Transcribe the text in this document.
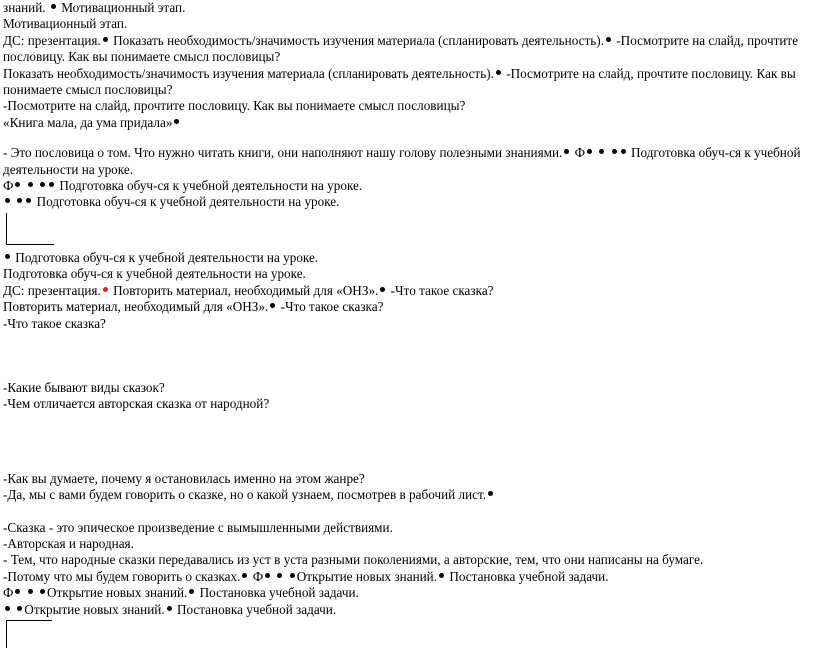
знаний. Мотивационный этап.
Мотивационный этап.
ДС: презентация. Показать необходимость/значимость изучения материала (спланировать деятельность). -Посмотрите на слайд, прочтите пословицу. Как вы понимаете смысл пословицы?
Показать необходимость/значимость изучения материала (спланировать деятельность). -Посмотрите на слайд, прочтите пословицу. Как вы понимаете смысл пословицы?
-Посмотрите на слайд, прочтите пословицу. Как вы понимаете смысл пословицы?
«Книга мала, да ума придала»
- Это пословица о том. Что нужно читать книги, они наполняют нашу голову полезными знаниями. Ф	Подготовка обуч-ся к учебной деятельности на уроке.
Ф	Подготовка обуч-ся к учебной деятельности на уроке.
Подготовка обуч-ся к учебной деятельности на уроке.
Подготовка обуч-ся к учебной деятельности на уроке.
Подготовка обуч-ся к учебной деятельности на уроке.
ДС: презентация. Повторить материал, необходимый для «ОНЗ». -Что такое сказка?
Повторить материал, необходимый для «ОНЗ». -Что такое сказка?
-Что такое сказка?
-Какие бывают виды сказок?
-Чем отличается авторская сказка от народной?
-Как вы думаете, почему я остановилась именно на этом жанре?
-Да, мы с вами будем говорить о сказке, но о какой узнаем, посмотрев в рабочий лист.
-Сказка - это эпическое произведение с вымышленными действиями.
-Авторская и народная.
- Тем, что народные сказки передавались из уст в уста разными поколениями, а авторские, тем, что они написаны на бумаге.
-Потому что мы будем говорить о сказках. Ф	Открытие новых знаний. Постановка учебной задачи.
Ф	Открытие новых знаний. Постановка учебной задачи.
Открытие новых знаний. Постановка учебной задачи.
